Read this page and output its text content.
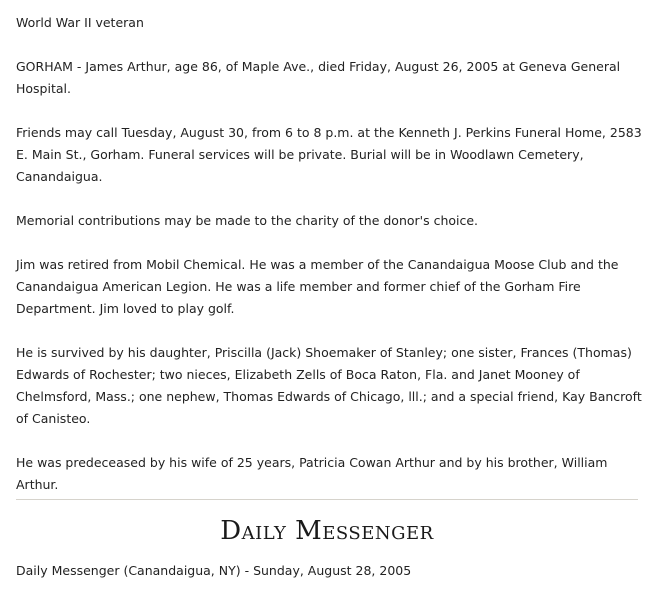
World War II veteran

GORHAM - James Arthur, age 86, of Maple Ave., died Friday, August 26, 2005 at Geneva General Hospital.

Friends may call Tuesday, August 30, from 6 to 8 p.m. at the Kenneth J. Perkins Funeral Home, 2583 E. Main St., Gorham. Funeral services will be private. Burial will be in Woodlawn Cemetery, Canandaigua.

Memorial contributions may be made to the charity of the donor's choice.

Jim was retired from Mobil Chemical. He was a member of the Canandaigua Moose Club and the Canandaigua American Legion. He was a life member and former chief of the Gorham Fire Department. Jim loved to play golf.

He is survived by his daughter, Priscilla (Jack) Shoemaker of Stanley; one sister, Frances (Thomas) Edwards of Rochester; two nieces, Elizabeth Zells of Boca Raton, Fla. and Janet Mooney of Chelmsford, Mass.; one nephew, Thomas Edwards of Chicago, lll.; and a special friend, Kay Bancroft of Canisteo.

He was predeceased by his wife of 25 years, Patricia Cowan Arthur and by his brother, William Arthur.

Daily Messenger
Daily Messenger (Canandaigua, NY) - Sunday, August 28, 2005
